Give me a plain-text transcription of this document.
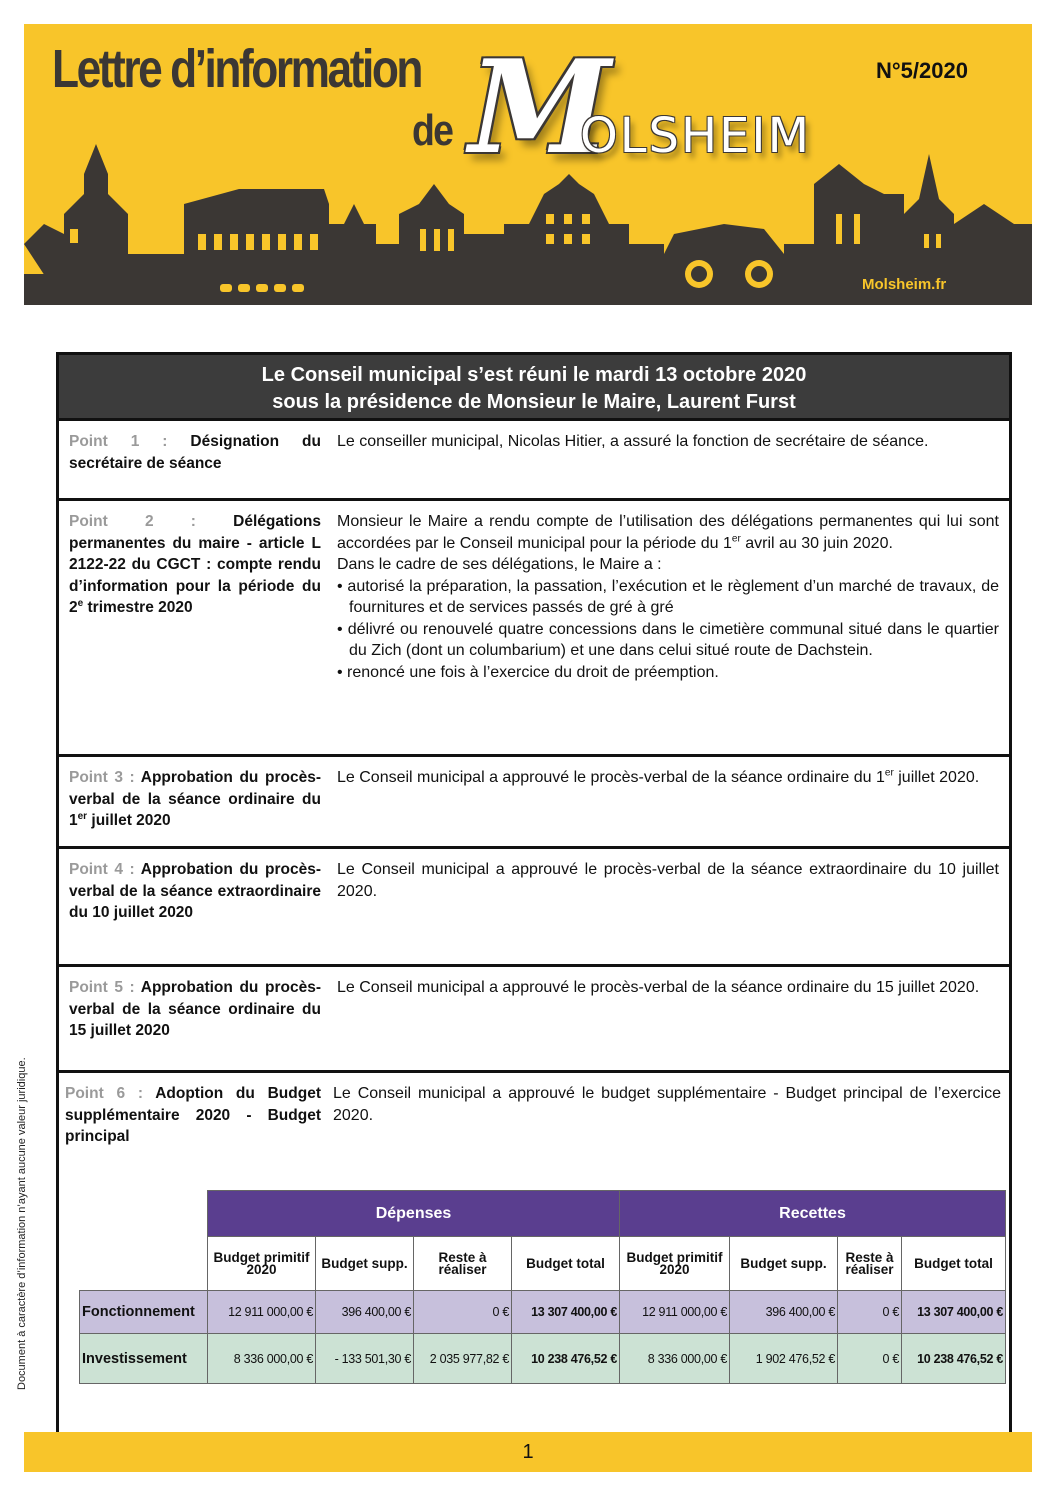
Lettre d’information
de M
OLSHEIM
N°5/2020
Molsheim.fr
Le Conseil municipal s’est réuni le mardi 13 octobre 2020
sous la présidence de Monsieur le Maire, Laurent Furst
Point 1 : Désignation du secrétaire de séance

Le conseiller municipal, Nicolas Hitier, a assuré la fonction de secrétaire de séance.

Point 2 : Délégations permanentes du maire - article L 2122-22 du CGCT : compte rendu d’information pour la période du 2e trimestre 2020

Monsieur le Maire a rendu compte de l’utilisation des délégations permanentes qui lui sont accordées par le Conseil municipal pour la période du 1er avril au 30 juin 2020.

Dans le cadre de ses délégations, le Maire a :

• autorisé la préparation, la passation, l’exécution et le règlement d’un marché de travaux, de fournitures et de services passés de gré à gré

• délivré ou renouvelé quatre concessions dans le cimetière communal situé dans le quartier du Zich (dont un columbarium) et une dans celui situé route de Dachstein.

• renoncé une fois à l’exercice du droit de préemption.

Point 3 : Approbation du procès-verbal de la séance ordinaire du 1er juillet 2020

Le Conseil municipal a approuvé le procès-verbal de la séance ordinaire du 1er juillet 2020.

Point 4 : Approbation du procès-verbal de la séance extraordinaire du 10 juillet 2020

Le Conseil municipal a approuvé le procès-verbal de la séance extraordinaire du 10 juillet 2020.

Point 5 : Approbation du procès-verbal de la séance ordinaire du 15 juillet 2020

Le Conseil municipal a approuvé le procès-verbal de la séance ordinaire du 15 juillet 2020.

Point 6 : Adoption du Budget supplémentaire 2020 - Budget principal

Le Conseil municipal a approuvé le budget supplémentaire - Budget principal de l’exercice 2020.

	Dépenses				Recettes			
	Budget primitif 2020	Budget supp.	Reste à réaliser	Budget total	Budget primitif 2020	Budget supp.	Reste à réaliser	Budget total
Fonctionnement	12 911 000,00 €	396 400,00 €	0 €	13 307 400,00 €	12 911 000,00 €	396 400,00 €	0 €	13 307 400,00 €
Investissement	8 336 000,00 €	- 133 501,30 €	2 035 977,82 €	10 238 476,52 €	8 336 000,00 €	1 902 476,52 €	0 €	10 238 476,52 €
Document à caractère d’information n’ayant aucune valeur juridique.
1
